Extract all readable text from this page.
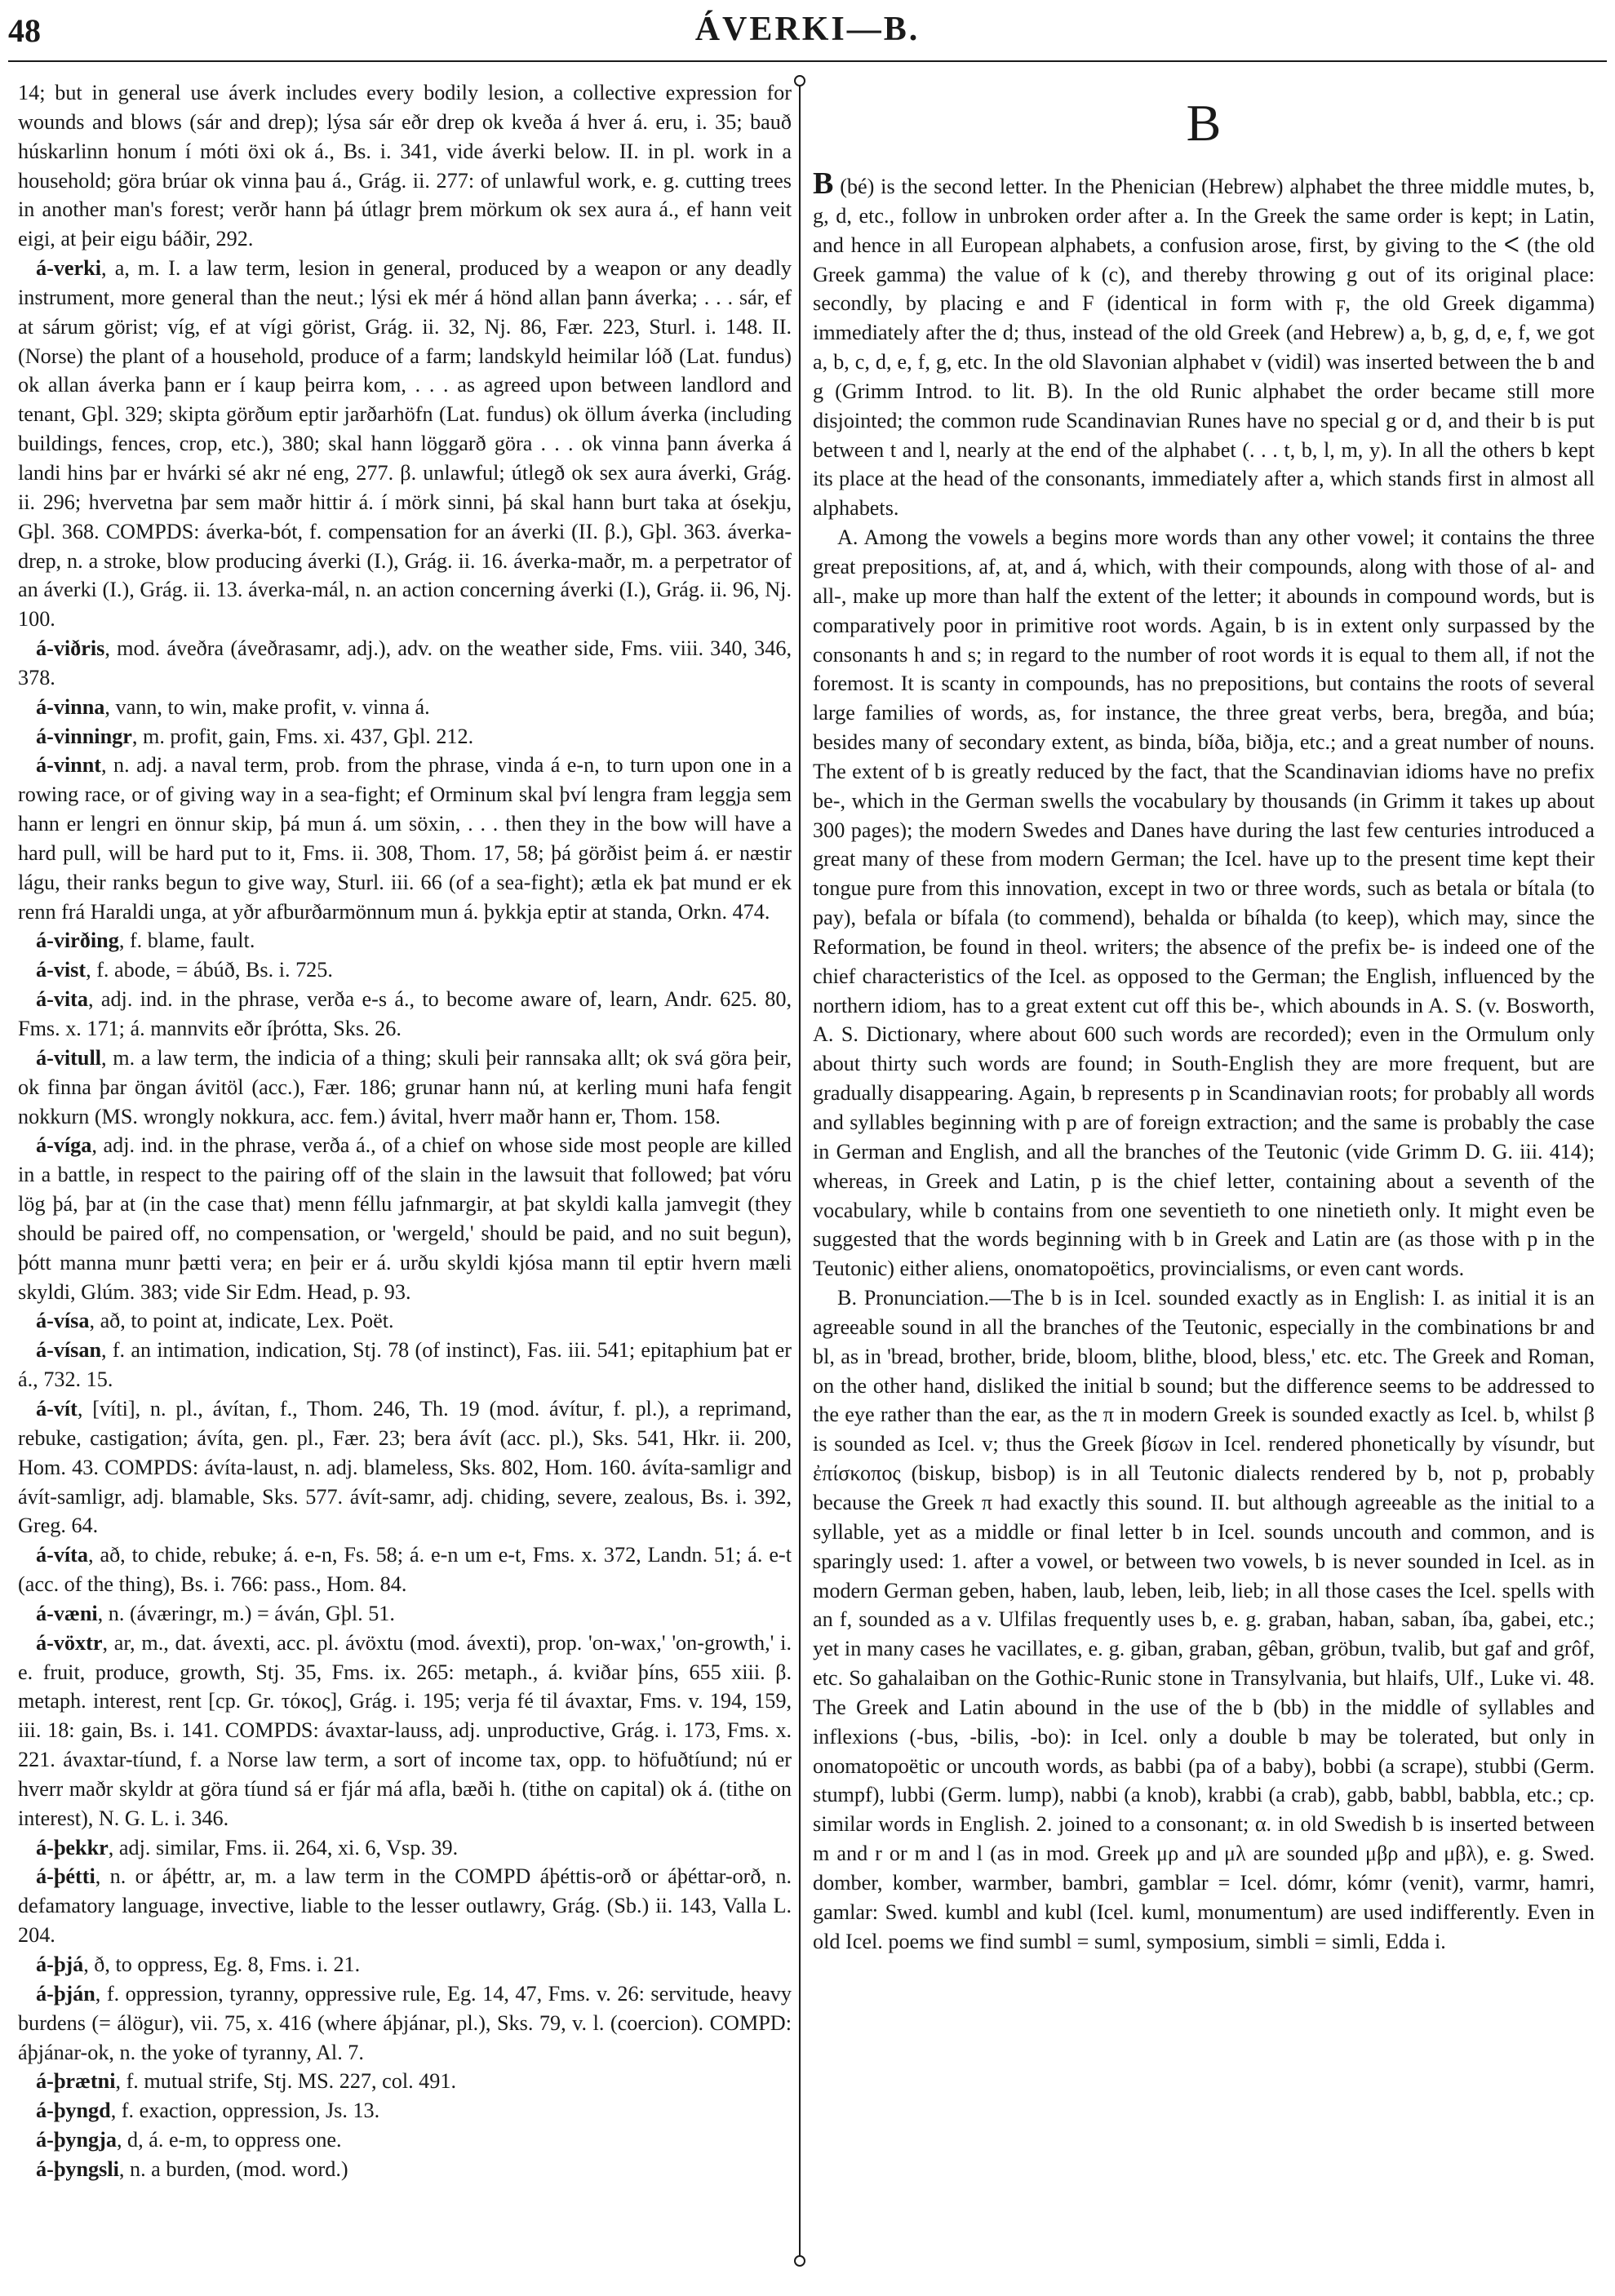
48	ÁVERKI—B.

14; but in general use áverk includes every bodily lesion, a collective expression for wounds and blows (sár and drep); lýsa sár eðr drep ok kveða á hver á. eru, i. 35; bauð húskarlinn honum í móti öxi ok á., Bs. i. 341, vide áverki below. II. in pl. work in a household; göra brúar ok vinna þau á., Grág. ii. 277: of unlawful work, e. g. cutting trees in another man's forest; verðr hann þá útlagr þrem mörkum ok sex aura á., ef hann veit eigi, at þeir eigu báðir, 292.

á-verki, a, m. I. a law term, lesion in general, produced by a weapon or any deadly instrument, more general than the neut.; lýsi ek mér á hönd allan þann áverka; . . . sár, ef at sárum görist; víg, ef at vígi görist, Grág. ii. 32, Nj. 86, Fær. 223, Sturl. i. 148. II. (Norse) the plant of a household, produce of a farm; landskyld heimilar lóð (Lat. fundus) ok allan áverka þann er í kaup þeirra kom, . . . as agreed upon between landlord and tenant, Gþl. 329; skipta görðum eptir jarðarhöfn (Lat. fundus) ok öllum áverka (including buildings, fences, crop, etc.), 380; skal hann löggarð göra . . . ok vinna þann áverka á landi hins þar er hvárki sé akr né eng, 277. β. unlawful; útlegð ok sex aura áverki, Grág. ii. 296; hvervetna þar sem maðr hittir á. í mörk sinni, þá skal hann burt taka at ósekju, Gþl. 368. COMPDS: áverka-bót, f. compensation for an áverki (II. β.), Gþl. 363. áverka-drep, n. a stroke, blow producing áverki (I.), Grág. ii. 16. áverka-maðr, m. a perpetrator of an áverki (I.), Grág. ii. 13. áverka-mál, n. an action concerning áverki (I.), Grág. ii. 96, Nj. 100.

á-viðris, mod. áveðra (áveðrasamr, adj.), adv. on the weather side, Fms. viii. 340, 346, 378.

á-vinna, vann, to win, make profit, v. vinna á.

á-vinningr, m. profit, gain, Fms. xi. 437, Gþl. 212.

á-vinnt, n. adj. a naval term, prob. from the phrase, vinda á e-n, to turn upon one in a rowing race, or of giving way in a sea-fight; ef Orminum skal því lengra fram leggja sem hann er lengri en önnur skip, þá mun á. um söxin, . . . then they in the bow will have a hard pull, will be hard put to it, Fms. ii. 308, Thom. 17, 58; þá görðist þeim á. er næstir lágu, their ranks begun to give way, Sturl. iii. 66 (of a sea-fight); ætla ek þat mund er ek renn frá Haraldi unga, at yðr afburðarmönnum mun á. þykkja eptir at standa, Orkn. 474.

á-virðing, f. blame, fault.

á-vist, f. abode, = ábúð, Bs. i. 725.

á-vita, adj. ind. in the phrase, verða e-s á., to become aware of, learn, Andr. 625. 80, Fms. x. 171; á. mannvits eðr íþrótta, Sks. 26.

á-vitull, m. a law term, the indicia of a thing; skuli þeir rannsaka allt; ok svá göra þeir, ok finna þar öngan ávitöl (acc.), Fær. 186; grunar hann nú, at kerling muni hafa fengit nokkurn (MS. wrongly nokkura, acc. fem.) ávital, hverr maðr hann er, Thom. 158.

á-víga, adj. ind. in the phrase, verða á., of a chief on whose side most people are killed in a battle, in respect to the pairing off of the slain in the lawsuit that followed; þat vóru lög þá, þar at (in the case that) menn féllu jafnmargir, at þat skyldi kalla jamvegit (they should be paired off, no compensation, or 'wergeld,' should be paid, and no suit begun), þótt manna munr þætti vera; en þeir er á. urðu skyldi kjósa mann til eptir hvern mæli skyldi, Glúm. 383; vide Sir Edm. Head, p. 93.

á-vísa, að, to point at, indicate, Lex. Poët.

á-vísan, f. an intimation, indication, Stj. 78 (of instinct), Fas. iii. 541; epitaphium þat er á., 732. 15.

á-vít, [víti], n. pl., ávítan, f., Thom. 246, Th. 19 (mod. ávítur, f. pl.), a reprimand, rebuke, castigation; ávíta, gen. pl., Fær. 23; bera ávít (acc. pl.), Sks. 541, Hkr. ii. 200, Hom. 43. COMPDS: ávíta-laust, n. adj. blameless, Sks. 802, Hom. 160. ávíta-samligr and ávít-samligr, adj. blamable, Sks. 577. ávít-samr, adj. chiding, severe, zealous, Bs. i. 392, Greg. 64.

á-víta, að, to chide, rebuke; á. e-n, Fs. 58; á. e-n um e-t, Fms. x. 372, Landn. 51; á. e-t (acc. of the thing), Bs. i. 766: pass., Hom. 84.

á-væni, n. (áværingr, m.) = áván, Gþl. 51.

á-vöxtr, ar, m., dat. ávexti, acc. pl. ávöxtu (mod. ávexti), prop. 'on-wax,' 'on-growth,' i. e. fruit, produce, growth, Stj. 35, Fms. ix. 265: metaph., á. kviðar þíns, 655 xiii. β. metaph. interest, rent [cp. Gr. τόκος], Grág. i. 195; verja fé til ávaxtar, Fms. v. 194, 159, iii. 18: gain, Bs. i. 141. COMPDS: ávaxtar-lauss, adj. unproductive, Grág. i. 173, Fms. x. 221. ávaxtar-tíund, f. a Norse law term, a sort of income tax, opp. to höfuðtíund; nú er hverr maðr skyldr at göra tíund sá er fjár má afla, bæði h. (tithe on capital) ok á. (tithe on interest), N. G. L. i. 346.

á-þekkr, adj. similar, Fms. ii. 264, xi. 6, Vsp. 39.

á-þétti, n. or áþéttr, ar, m. a law term in the COMPD áþéttis-orð or áþéttar-orð, n. defamatory language, invective, liable to the lesser outlawry, Grág. (Sb.) ii. 143, Valla L. 204.

á-þjá, ð, to oppress, Eg. 8, Fms. i. 21.

á-þján, f. oppression, tyranny, oppressive rule, Eg. 14, 47, Fms. v. 26: servitude, heavy burdens (= álögur), vii. 75, x. 416 (where áþjánar, pl.), Sks. 79, v. l. (coercion). COMPD: áþjánar-ok, n. the yoke of tyranny, Al. 7.

á-þrætni, f. mutual strife, Stj. MS. 227, col. 491.

á-þyngd, f. exaction, oppression, Js. 13.

á-þyngja, d, á. e-m, to oppress one.

á-þyngsli, n. a burden, (mod. word.)

B

B (bé) is the second letter. In the Phenician (Hebrew) alphabet the three middle mutes, b, g, d, etc., follow in unbroken order after a. In the Greek the same order is kept; in Latin, and hence in all European alphabets, a confusion arose, first, by giving to the ᐸ (the old Greek gamma) the value of k (c), and thereby throwing g out of its original place: secondly, by placing e and F (identical in form with ϝ, the old Greek digamma) immediately after the d; thus, instead of the old Greek (and Hebrew) a, b, g, d, e, f, we got a, b, c, d, e, f, g, etc. In the old Slavonian alphabet v (vidil) was inserted between the b and g (Grimm Introd. to lit. B). In the old Runic alphabet the order became still more disjointed; the common rude Scandinavian Runes have no special g or d, and their b is put between t and l, nearly at the end of the alphabet (. . . t, b, l, m, y). In all the others b kept its place at the head of the consonants, immediately after a, which stands first in almost all alphabets.

A. Among the vowels a begins more words than any other vowel; it contains the three great prepositions, af, at, and á, which, with their compounds, along with those of al- and all-, make up more than half the extent of the letter; it abounds in compound words, but is comparatively poor in primitive root words. Again, b is in extent only surpassed by the consonants h and s; in regard to the number of root words it is equal to them all, if not the foremost. It is scanty in compounds, has no prepositions, but contains the roots of several large families of words, as, for instance, the three great verbs, bera, bregða, and búa; besides many of secondary extent, as binda, bíða, biðja, etc.; and a great number of nouns. The extent of b is greatly reduced by the fact, that the Scandinavian idioms have no prefix be-, which in the German swells the vocabulary by thousands (in Grimm it takes up about 300 pages); the modern Swedes and Danes have during the last few centuries introduced a great many of these from modern German; the Icel. have up to the present time kept their tongue pure from this innovation, except in two or three words, such as betala or bítala (to pay), befala or bífala (to commend), behalda or bíhalda (to keep), which may, since the Reformation, be found in theol. writers; the absence of the prefix be- is indeed one of the chief characteristics of the Icel. as opposed to the German; the English, influenced by the northern idiom, has to a great extent cut off this be-, which abounds in A. S. (v. Bosworth, A. S. Dictionary, where about 600 such words are recorded); even in the Ormulum only about thirty such words are found; in South-English they are more frequent, but are gradually disappearing. Again, b represents p in Scandinavian roots; for probably all words and syllables beginning with p are of foreign extraction; and the same is probably the case in German and English, and all the branches of the Teutonic (vide Grimm D. G. iii. 414); whereas, in Greek and Latin, p is the chief letter, containing about a seventh of the vocabulary, while b contains from one seventieth to one ninetieth only. It might even be suggested that the words beginning with b in Greek and Latin are (as those with p in the Teutonic) either aliens, onomatopoëtics, provincialisms, or even cant words.

B. Pronunciation.—The b is in Icel. sounded exactly as in English: I. as initial it is an agreeable sound in all the branches of the Teutonic, especially in the combinations br and bl, as in 'bread, brother, bride, bloom, blithe, blood, bless,' etc. etc. The Greek and Roman, on the other hand, disliked the initial b sound; but the difference seems to be addressed to the eye rather than the ear, as the π in modern Greek is sounded exactly as Icel. b, whilst β is sounded as Icel. v; thus the Greek βίσων in Icel. rendered phonetically by vísundr, but ἐπίσκοπος (biskup, bisbop) is in all Teutonic dialects rendered by b, not p, probably because the Greek π had exactly this sound. II. but although agreeable as the initial to a syllable, yet as a middle or final letter b in Icel. sounds uncouth and common, and is sparingly used: 1. after a vowel, or between two vowels, b is never sounded in Icel. as in modern German geben, haben, laub, leben, leib, lieb; in all those cases the Icel. spells with an f, sounded as a v. Ulfilas frequently uses b, e. g. graban, haban, saban, íba, gabei, etc.; yet in many cases he vacillates, e. g. giban, graban, gêban, gröbun, tvalib, but gaf and grôf, etc. So gahalaiban on the Gothic-Runic stone in Transylvania, but hlaifs, Ulf., Luke vi. 48. The Greek and Latin abound in the use of the b (bb) in the middle of syllables and inflexions (-bus, -bilis, -bo): in Icel. only a double b may be tolerated, but only in onomatopoëtic or uncouth words, as babbi (pa of a baby), bobbi (a scrape), stubbi (Germ. stumpf), lubbi (Germ. lump), nabbi (a knob), krabbi (a crab), gabb, babbl, babbla, etc.; cp. similar words in English. 2. joined to a consonant; α. in old Swedish b is inserted between m and r or m and l (as in mod. Greek μρ and μλ are sounded μβρ and μβλ), e. g. Swed. domber, komber, warmber, bambri, gamblar = Icel. dómr, kómr (venit), varmr, hamri, gamlar: Swed. kumbl and kubl (Icel. kuml, monumentum) are used indifferently. Even in old Icel. poems we find sumbl = suml, symposium, simbli = simli, Edda i.
